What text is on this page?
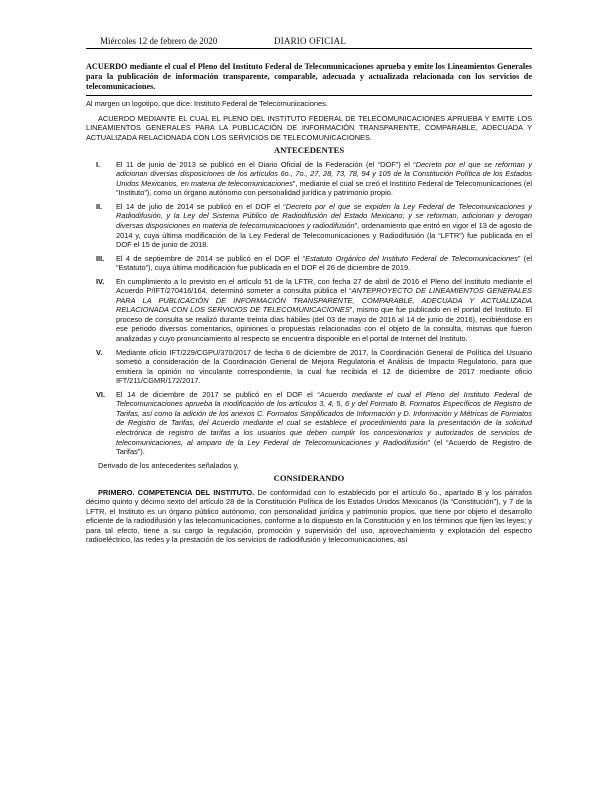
Miércoles 12 de febrero de 2020	DIARIO OFICIAL
ACUERDO mediante el cual el Pleno del Instituto Federal de Telecomunicaciones aprueba y emite los Lineamientos Generales para la publicación de información transparente, comparable, adecuada y actualizada relacionada con los servicios de telecomunicaciones.

Al margen un logotipo, que dice: Instituto Federal de Telecomunicaciones.

ACUERDO MEDIANTE EL CUAL EL PLENO DEL INSTITUTO FEDERAL DE TELECOMUNICACIONES APRUEBA Y EMITE LOS LINEAMIENTOS GENERALES PARA LA PUBLICACIÓN DE INFORMACIÓN TRANSPARENTE, COMPARABLE, ADECUADA Y ACTUALIZADA RELACIONADA CON LOS SERVICIOS DE TELECOMUNICACIONES.

ANTECEDENTES
I.	El 11 de junio de 2013 se publicó en el Diario Oficial de la Federación (el “DOF”) el “Decreto por el que se reforman y adicionan diversas disposiciones de los artículos 6o., 7o., 27, 28, 73, 78, 94 y 105 de la Constitución Política de los Estados Unidos Mexicanos, en materia de telecomunicaciones”, mediante el cual se creó el Instituto Federal de Telecomunicaciones (el “Instituto”), como un órgano autónomo con personalidad jurídica y patrimonio propio.
II.	El 14 de julio de 2014 se publicó en el DOF el “Decreto por el que se expiden la Ley Federal de Telecomunicaciones y Radiodifusión, y la Ley del Sistema Público de Radiodifusión del Estado Mexicano; y se reforman, adicionan y derogan diversas disposiciones en materia de telecomunicaciones y radiodifusión”, ordenamiento que entró en vigor el 13 de agosto de 2014 y, cuya última modificación de la Ley Federal de Telecomunicaciones y Radiodifusión (la “LFTR”) fue publicada en el DOF el 15 de junio de 2018.
III.	El 4 de septiembre de 2014 se publicó en el DOF el “Estatuto Orgánico del Instituto Federal de Telecomunicaciones” (el “Estatuto”), cuya última modificación fue publicada en el DOF el 26 de diciembre de 2019.
IV.	En cumplimiento a lo previsto en el artículo 51 de la LFTR, con fecha 27 de abril de 2016 el Pleno del Instituto mediante el Acuerdo P/IFT/270416/164, determinó someter a consulta pública el “ANTEPROYECTO DE LINEAMIENTOS GENERALES PARA LA PUBLICACIÓN DE INFORMACIÓN TRANSPARENTE, COMPARABLE, ADECUADA Y ACTUALIZADA RELACIONADA CON LOS SERVICIOS DE TELECOMUNICACIONES”, mismo que fue publicado en el portal del Instituto. El proceso de consulta se realizó durante treinta días hábiles (del 03 de mayo de 2016 al 14 de junio de 2016), recibiéndose en ese periodo diversos comentarios, opiniones o propuestas relacionadas con el objeto de la consulta, mismas que fueron analizadas y cuyo pronunciamiento al respecto se encuentra disponible en el portal de Internet del Instituto.
V.	Mediante oficio IFT/229/CGPU/370/2017 de fecha 6 de diciembre de 2017, la Coordinación General de Política del Usuario sometió a consideración de la Coordinación General de Mejora Regulatoria el Análisis de Impacto Regulatorio, para que emitiera la opinión no vinculante correspondiente, la cual fue recibida el 12 de diciembre de 2017 mediante oficio IFT/211/CGMR/172/2017.
VI.	El 14 de diciembre de 2017 se publicó en el DOF el “Acuerdo mediante el cual el Pleno del Instituto Federal de Telecomunicaciones aprueba la modificación de los artículos 3, 4, 5, 6 y del Formato B. Formatos Específicos de Registro de Tarifas, así como la adición de los anexos C. Formatos Simplificados de Información y D. Información y Métricas de Formatos de Registro de Tarifas, del Acuerdo mediante el cual se establece el procedimiento para la presentación de la solicitud electrónica de registro de tarifas a los usuarios que deben cumplir los concesionarios y autorizados de servicios de telecomunicaciones, al amparo de la Ley Federal de Telecomunicaciones y Radiodifusión” (el “Acuerdo de Registro de Tarifas”).

Derivado de los antecedentes señalados y,

CONSIDERANDO

PRIMERO. COMPETENCIA DEL INSTITUTO. De conformidad con lo establecido por el artículo 6o., apartado B y los párrafos décimo quinto y décimo sexto del artículo 28 de la Constitución Política de los Estados Unidos Mexicanos (la “Constitución”), y 7 de la LFTR, el Instituto es un órgano público autónomo, con personalidad jurídica y patrimonio propios, que tiene por objeto el desarrollo eficiente de la radiodifusión y las telecomunicaciones, conforme a lo dispuesto en la Constitución y en los términos que fijen las leyes; y para tal efecto, tiene a su cargo la regulación, promoción y supervisión del uso, aprovechamiento y explotación del espectro radioeléctrico, las redes y la prestación de los servicios de radiodifusión y telecomunicaciones, así
